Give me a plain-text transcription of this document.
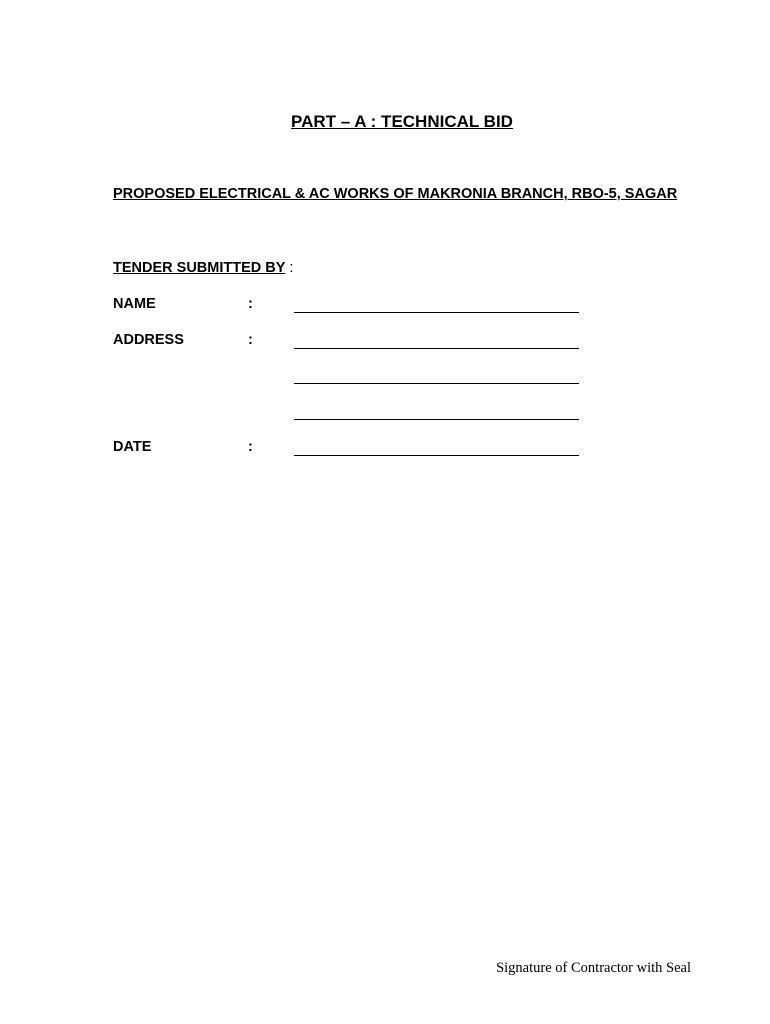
PART – A : TECHNICAL BID
PROPOSED ELECTRICAL & AC WORKS OF MAKRONIA BRANCH, RBO-5, SAGAR
TENDER SUBMITTED BY :
NAME	:
ADDRESS	:
DATE	:
Signature of Contractor with Seal
